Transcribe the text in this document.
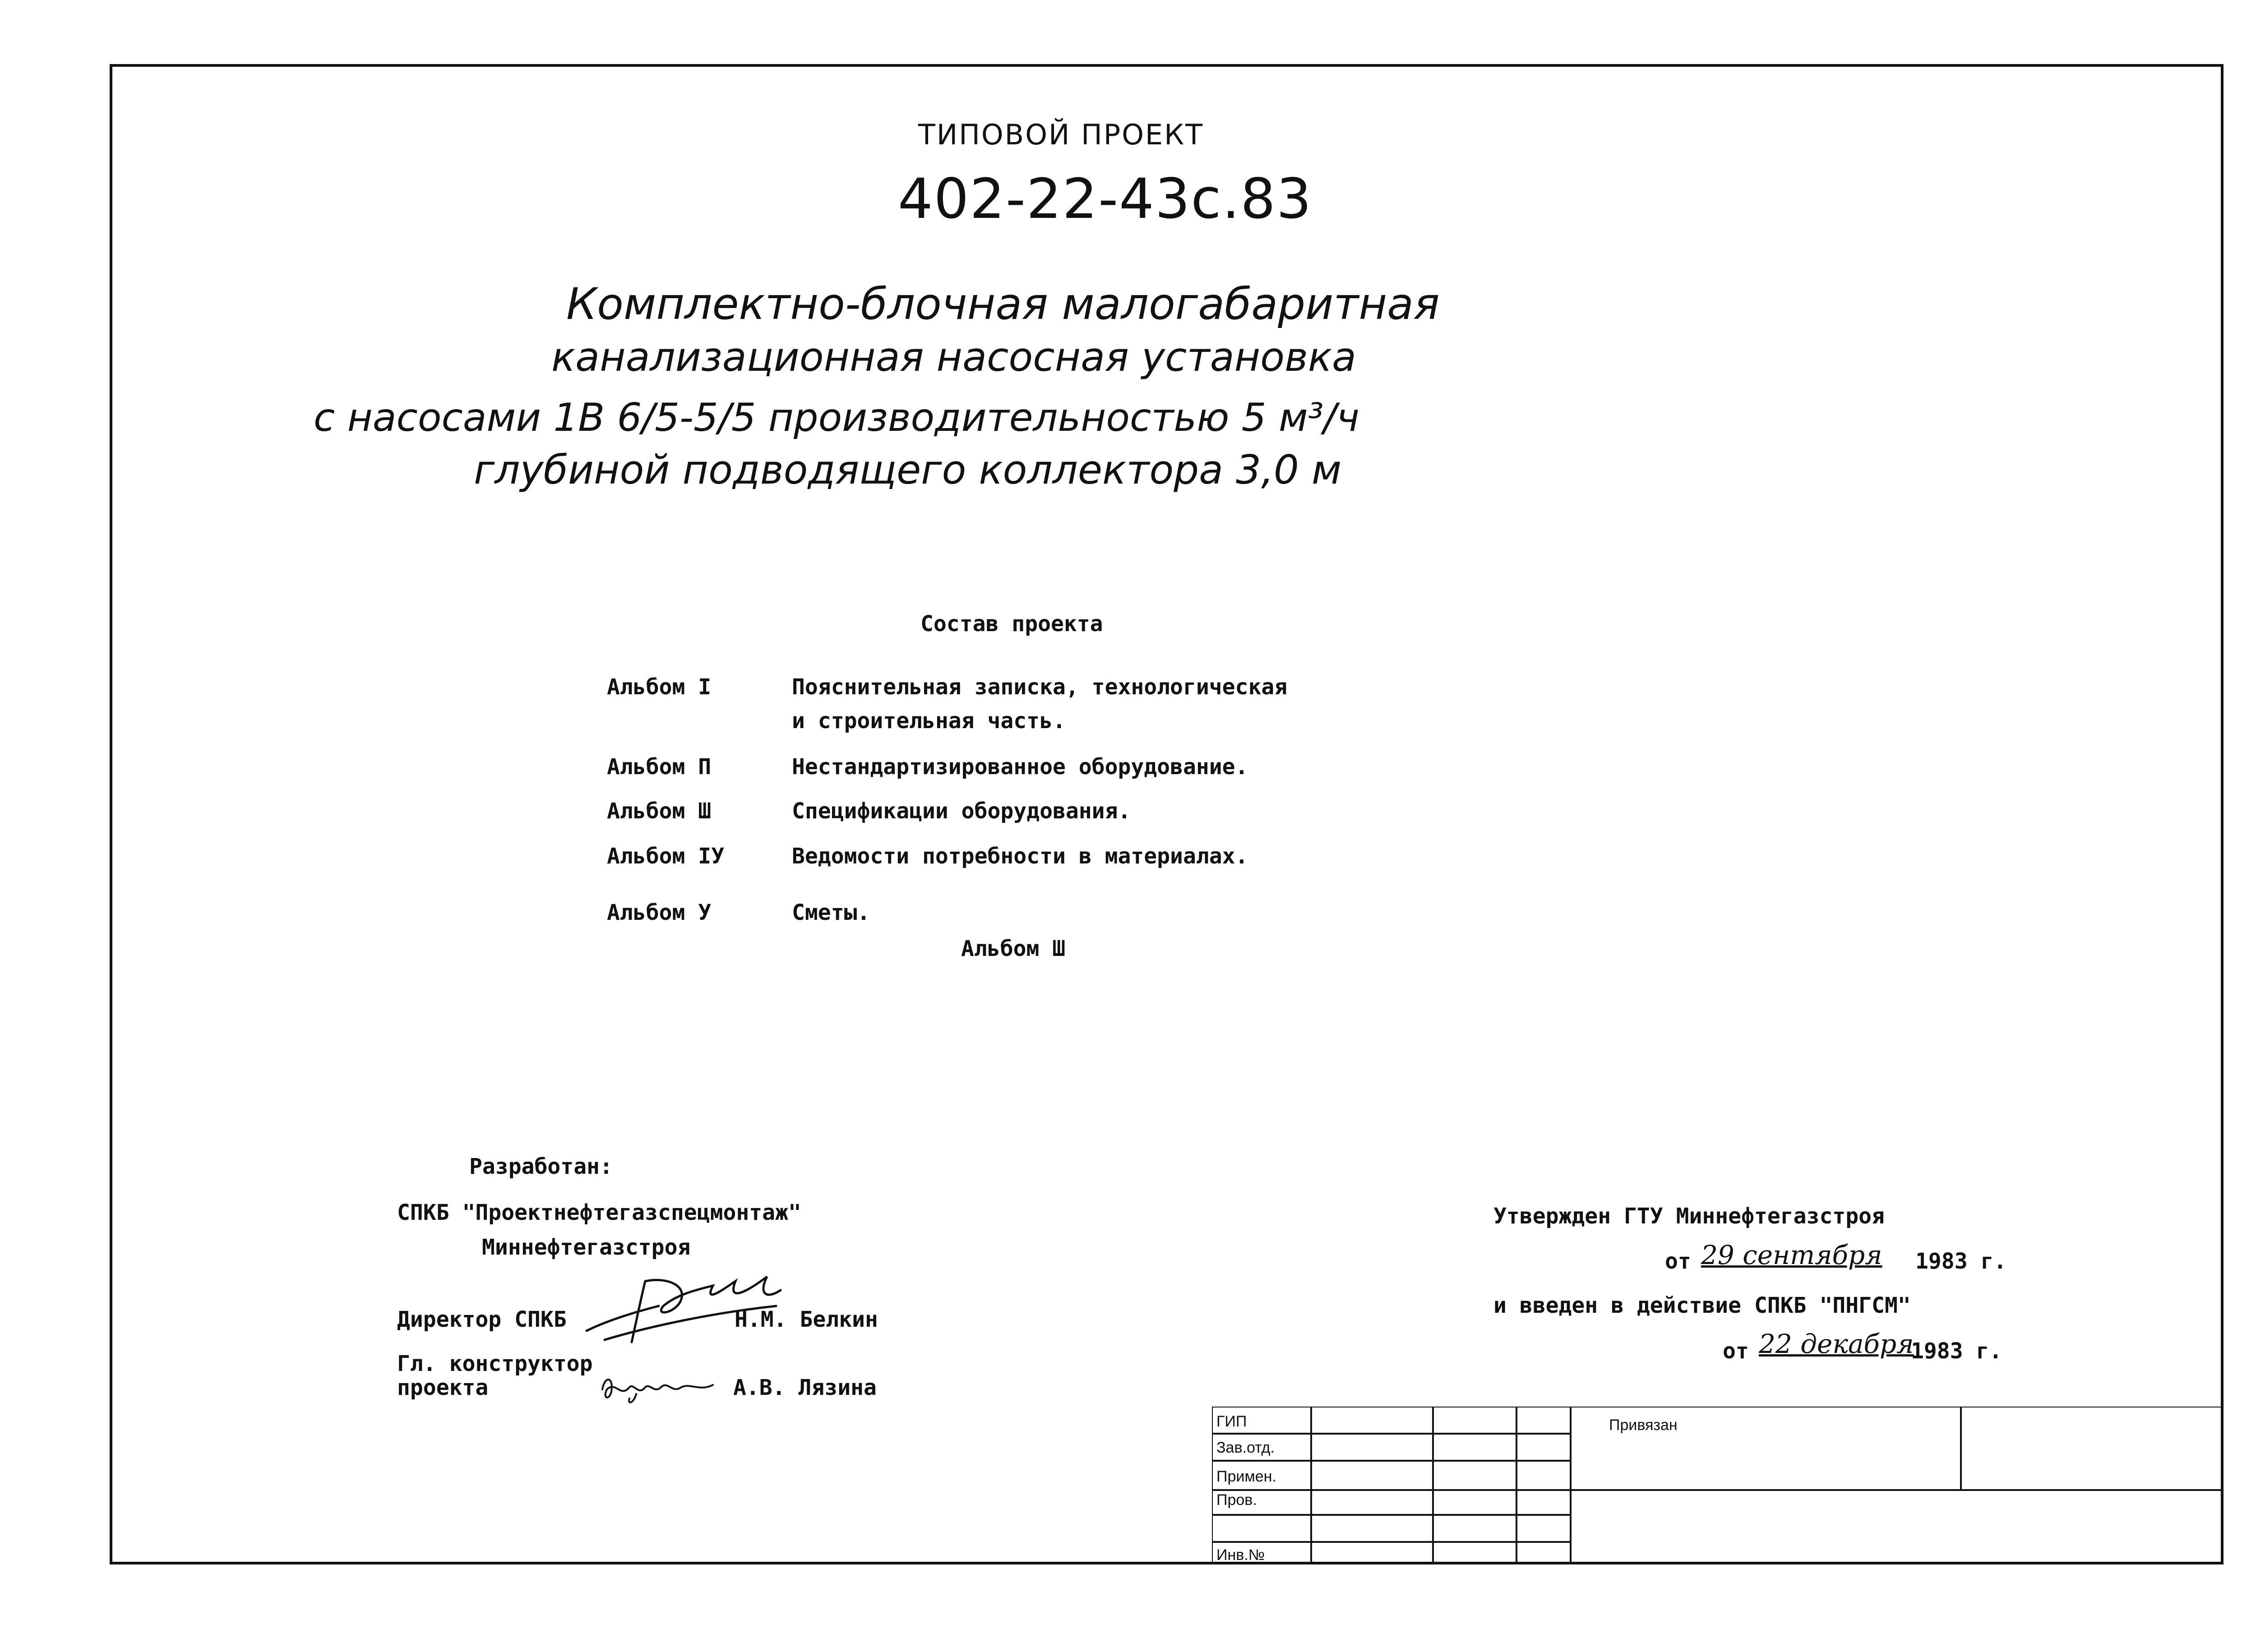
ТИПОВОЙ ПРОЕКТ
402-22-43с.83
Комплектно-блочная малогабаритная
канализационная насосная установка
с насосами 1В 6/5-5/5 производительностью 5 м³/ч
глубиной подводящего коллектора 3,0 м
Состав проекта
Альбом I	Пояснительная записка, технологическая
и строительная часть.
Альбом П	Нестандартизированное оборудование.
Альбом Ш	Спецификации оборудования.
Альбом IУ	Ведомости потребности в материалах.
Альбом У	Сметы.
Альбом Ш
Разработан:
СПКБ "Проектнефтегазспецмонтаж"
Миннефтегазстроя
Директор СПКБ	Н.М. Белкин
Гл. конструктор
проекта	А.В. Лязина
Утвержден ГТУ Миннефтегазстроя
от 29 сентября 1983 г.
и введен в действие СПКБ "ПНГСМ"
от 22 декабря
1983 г.
ГИП
Зав.отд.
Примен.
Пров.
Инв.№
Привязан
